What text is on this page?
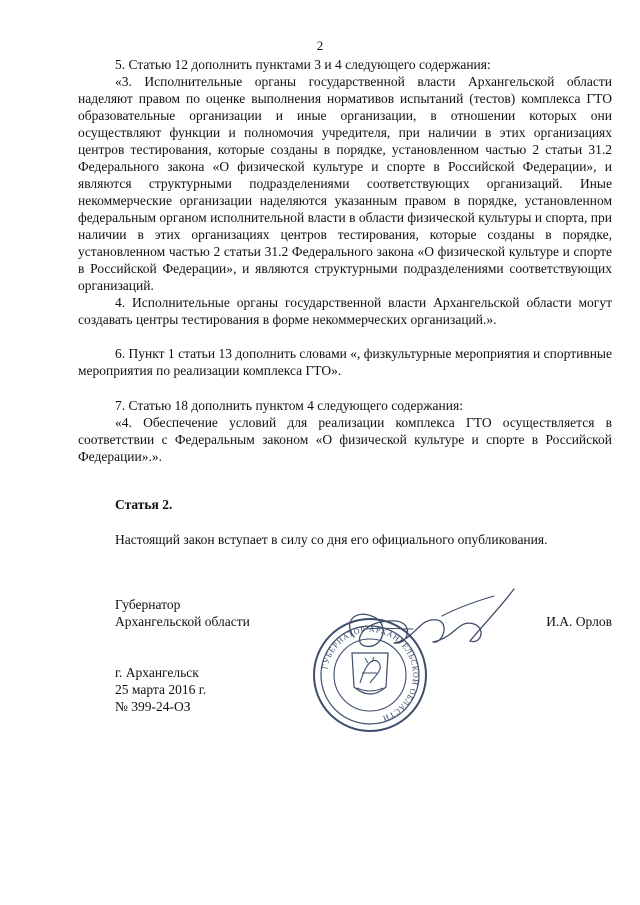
2

5. Статью 12 дополнить пунктами 3 и 4 следующего содержания:

«3. Исполнительные органы государственной власти Архангельской области наделяют правом по оценке выполнения нормативов испытаний (тестов) комплекса ГТО образовательные организации и иные организации, в отношении которых они осуществляют функции и полномочия учредителя, при наличии в этих организациях центров тестирования, которые созданы в порядке, установленном частью 2 статьи 31.2 Федерального закона «О физической культуре и спорте в Российской Федерации», и являются структурными подразделениями соответствующих организаций. Иные некоммерческие организации наделяются указанным правом в порядке, установленном федеральным органом исполнительной власти в области физической культуры и спорта, при наличии в этих организациях центров тестирования, которые созданы в порядке, установленном частью 2 статьи 31.2 Федерального закона «О физической культуре и спорте в Российской Федерации», и являются структурными подразделениями соответствующих организаций.

4. Исполнительные органы государственной власти Архангельской области могут создавать центры тестирования в форме некоммерческих организаций.».

6. Пункт 1 статьи 13 дополнить словами «, физкультурные мероприятия и спортивные мероприятия по реализации комплекса ГТО».

7. Статью 18 дополнить пунктом 4 следующего содержания:

«4. Обеспечение условий для реализации комплекса ГТО осуществляется в соответствии с Федеральным законом «О физической культуре и спорте в Российской Федерации».».

Статья 2.

Настоящий закон вступает в силу со дня его официального опубликования.

Губернатор
Архангельской области	И.А. Орлов
г. Архангельск
25 марта 2016 г.
№ 399-24-ОЗ
ГУБЕРНАТОР АРХАНГЕЛЬСКОЙ ОБЛАСТИ
